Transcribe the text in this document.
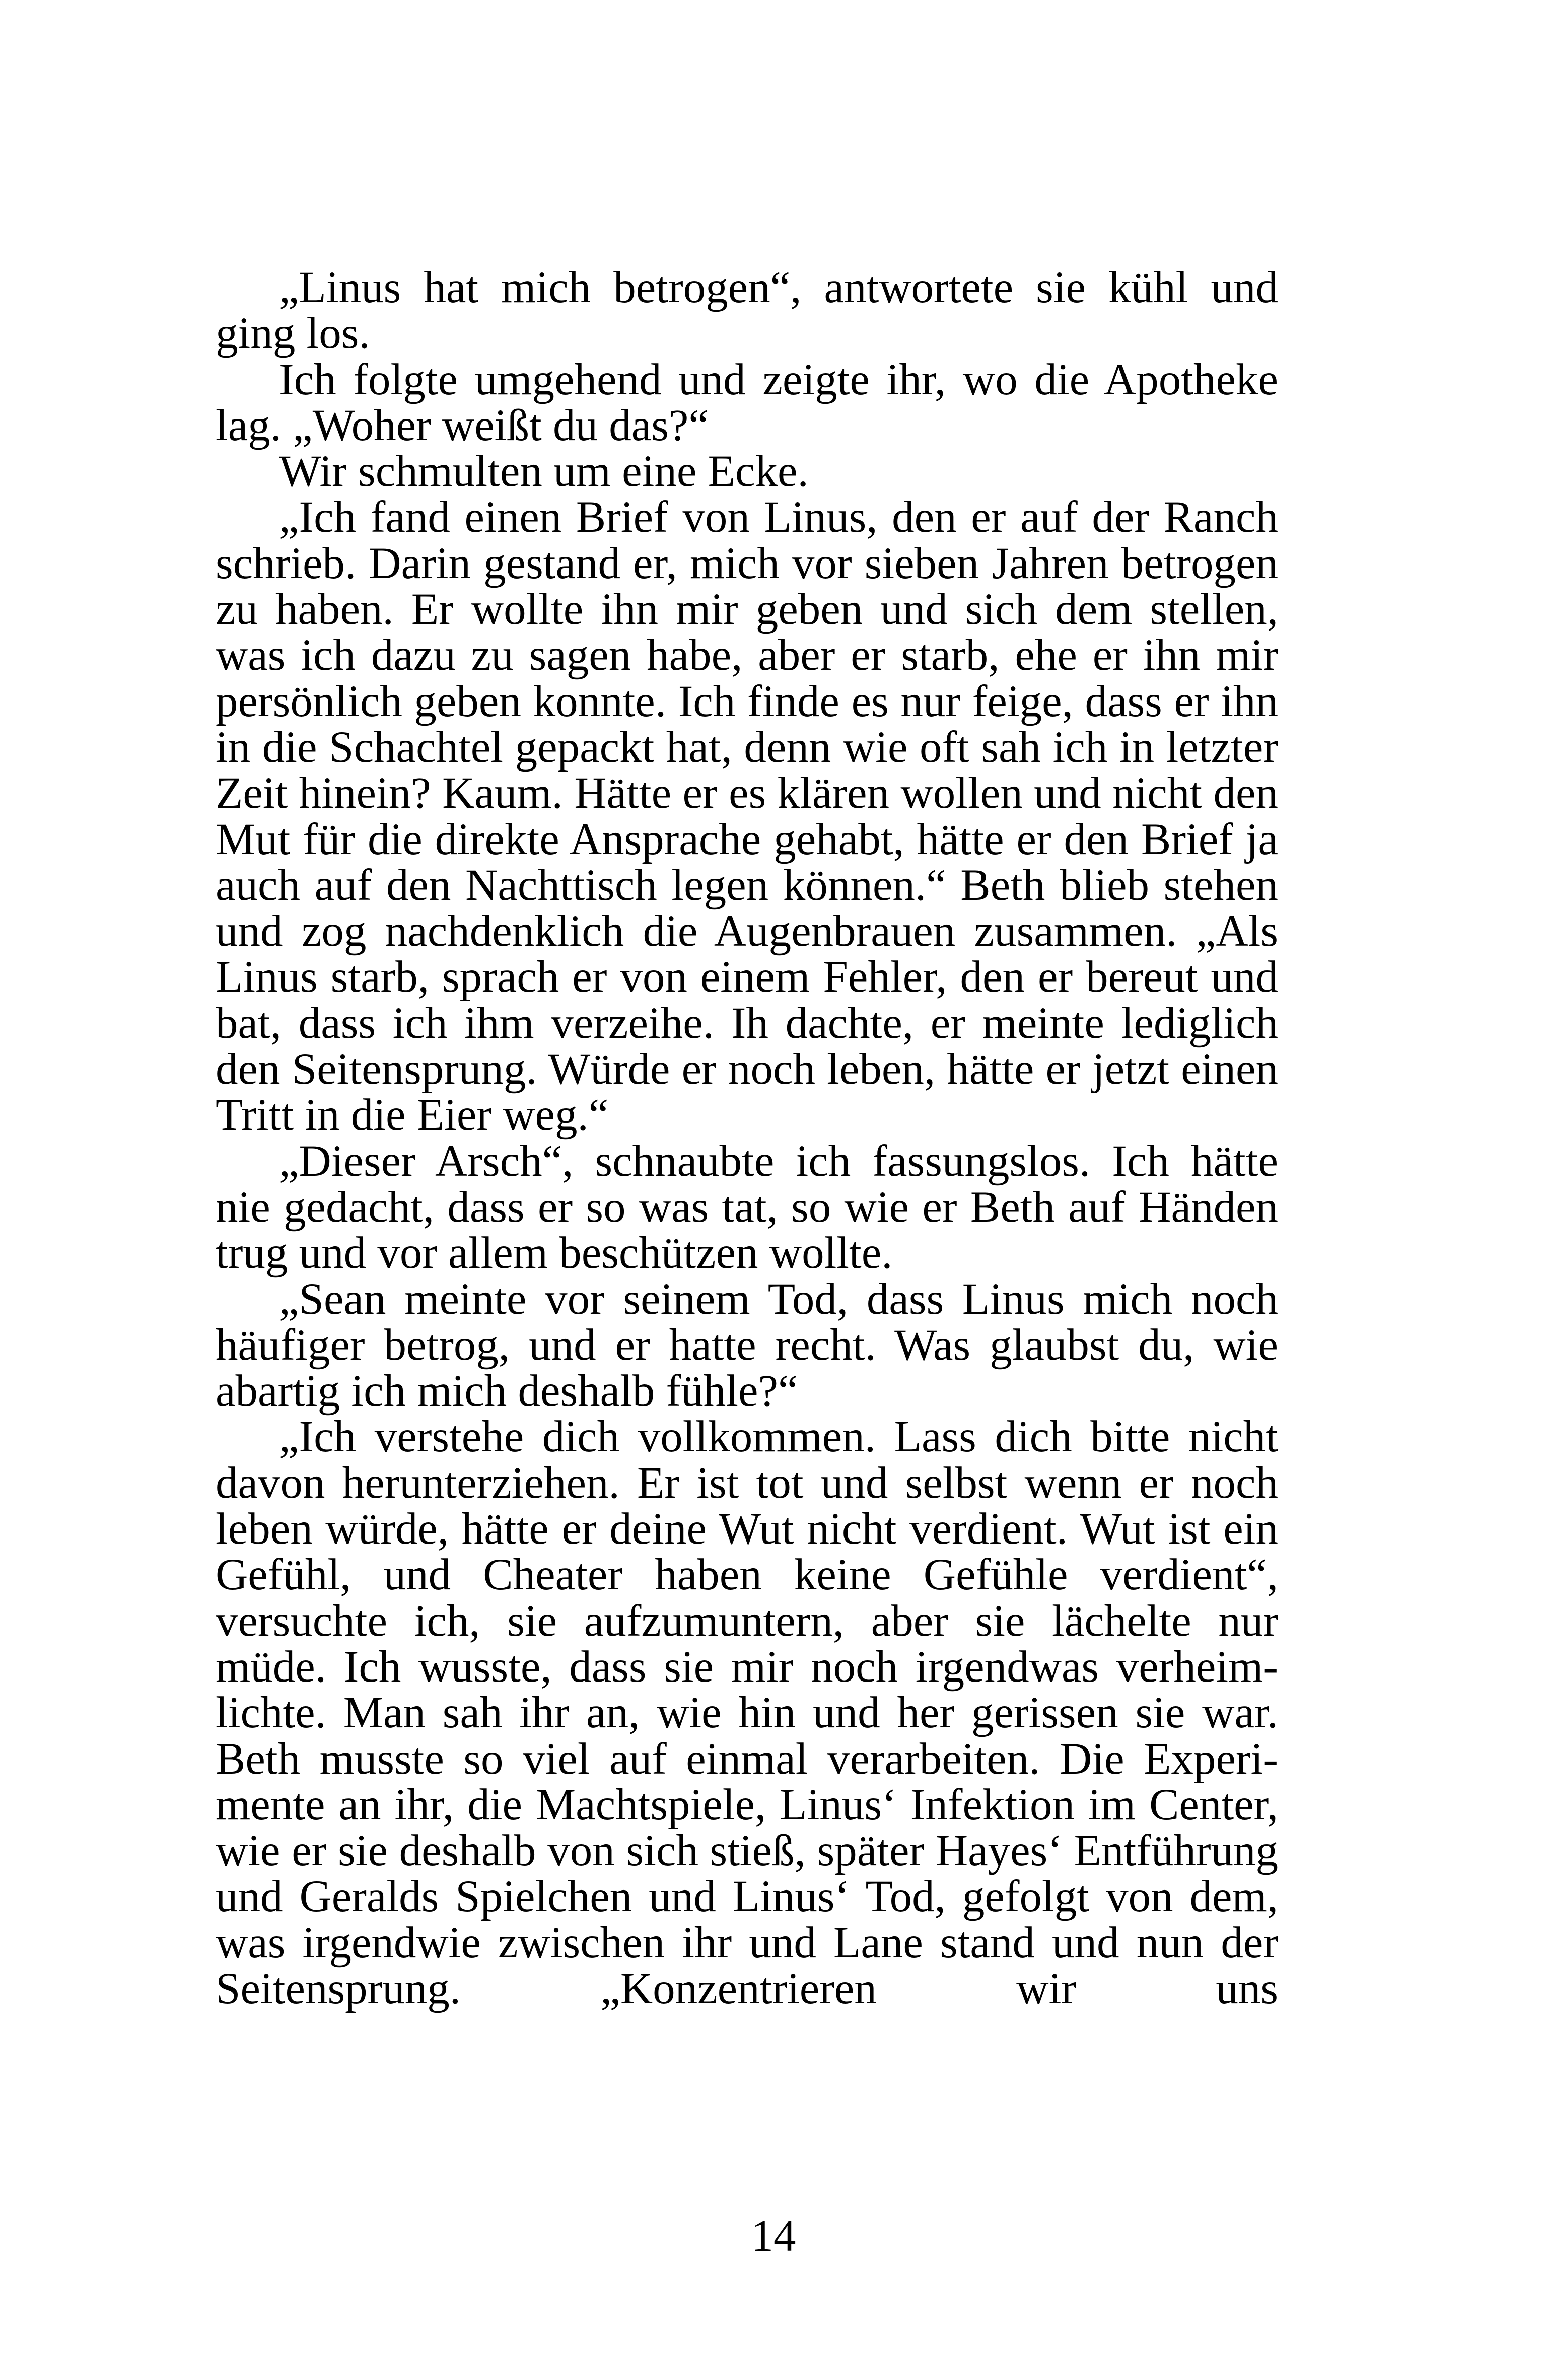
„Linus hat mich betrogen“, antwortete sie kühl und ging los.

Ich folgte umgehend und zeigte ihr, wo die Apotheke lag. „Woher weißt du das?“

Wir schmulten um eine Ecke.

„Ich fand einen Brief von Linus, den er auf der Ranch schrieb. Darin gestand er, mich vor sieben Jahren betrogen zu haben. Er wollte ihn mir geben und sich dem stellen, was ich dazu zu sagen habe, aber er starb, ehe er ihn mir persönlich geben konnte. Ich finde es nur feige, dass er ihn in die Schachtel gepackt hat, denn wie oft sah ich in letzter Zeit hinein? Kaum. Hätte er es klären wollen und nicht den Mut für die direkte Ansprache gehabt, hätte er den Brief ja auch auf den Nachttisch legen können.“ Beth blieb stehen und zog nachdenklich die Augenbrauen zusammen. „Als Linus starb, sprach er von einem Fehler, den er bereut und bat, dass ich ihm verzeihe. Ih dachte, er meinte lediglich den Seitensprung. Würde er noch leben, hätte er jetzt einen Tritt in die Eier weg.“

„Dieser Arsch“, schnaubte ich fassungslos. Ich hätte nie gedacht, dass er so was tat, so wie er Beth auf Händen trug und vor allem beschützen wollte.

„Sean meinte vor seinem Tod, dass Linus mich noch häufiger betrog, und er hatte recht. Was glaubst du, wie abartig ich mich deshalb fühle?“

„Ich verstehe dich vollkommen. Lass dich bitte nicht davon herunterziehen. Er ist tot und selbst wenn er noch leben würde, hätte er deine Wut nicht verdient. Wut ist ein Gefühl, und Cheater haben keine Gefühle verdient“, versuchte ich, sie aufzumuntern, aber sie lächelte nur müde. Ich wusste, dass sie mir noch irgendwas verheimlichte. Man sah ihr an, wie hin und her gerissen sie war. Beth musste so viel auf einmal verarbeiten. Die Experimente an ihr, die Machtspiele, Linus‘ Infektion im Center, wie er sie deshalb von sich stieß, später Hayes‘ Entführung und Geralds Spielchen und Linus‘ Tod, gefolgt von dem, was irgendwie zwischen ihr und Lane stand und nun der Seitensprung. „Konzentrieren wir uns

14
